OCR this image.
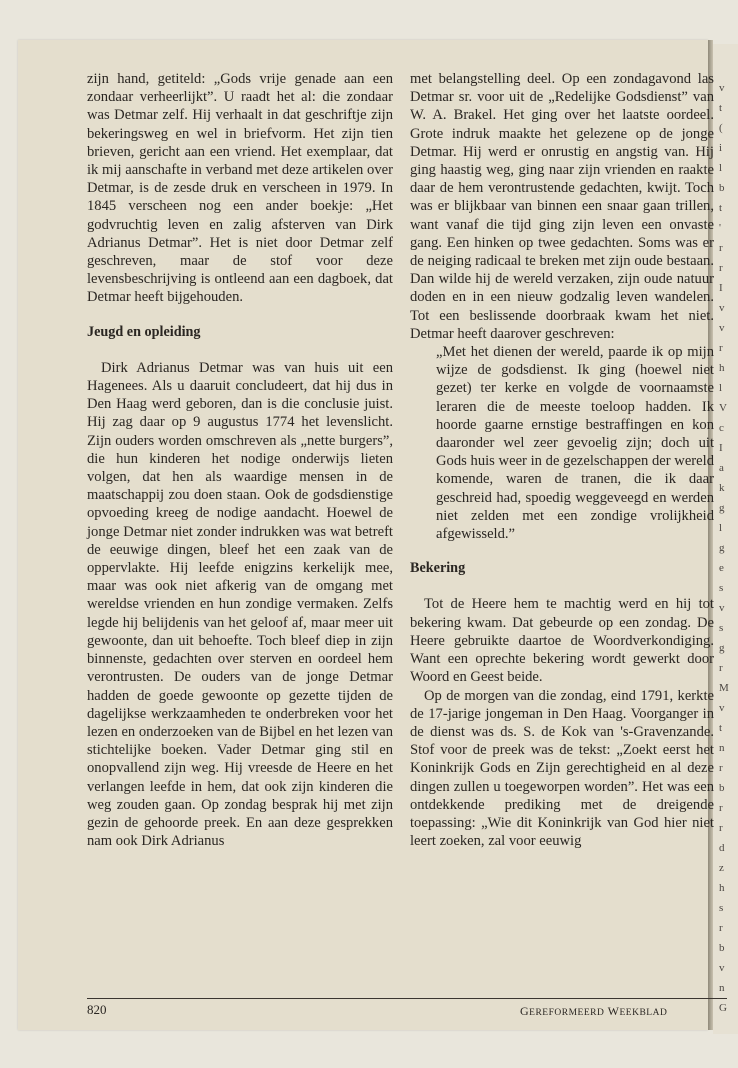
v
t
(
i
l
b
t
'
r
r
I
v
v
r
h
l
V
c
I
a
k
g
l
g
e
s
v
s
g
r
M
v
t
n
r
b
r
r
d
z
h
s
r
b
v
n
G

zijn hand, getiteld: „Gods vrije genade aan een zondaar verheerlijkt”. U raadt het al: die zondaar was Detmar zelf. Hij verhaalt in dat geschriftje zijn bekeringsweg en wel in briefvorm. Het zijn tien brieven, gericht aan een vriend. Het exemplaar, dat ik mij aanschafte in verband met deze artikelen over Detmar, is de zesde druk en verscheen in 1979. In 1845 verscheen nog een ander boekje: „Het godvruchtig leven en zalig afsterven van Dirk Adrianus Detmar”. Het is niet door Detmar zelf geschreven, maar de stof voor deze levensbeschrijving is ontleend aan een dagboek, dat Detmar heeft bijgehouden.

Jeugd en opleiding

Dirk Adrianus Detmar was van huis uit een Hagenees. Als u daaruit concludeert, dat hij dus in Den Haag werd geboren, dan is die conclusie juist. Hij zag daar op 9 augustus 1774 het levenslicht. Zijn ouders worden omschreven als „nette burgers”, die hun kinderen het nodige onderwijs lieten volgen, dat hen als waardige mensen in de maatschappij zou doen staan. Ook de godsdienstige opvoeding kreeg de nodige aandacht. Hoewel de jonge Detmar niet zonder indrukken was wat betreft de eeuwige dingen, bleef het een zaak van de oppervlakte. Hij leefde enigzins kerkelijk mee, maar was ook niet afkerig van de omgang met wereldse vrienden en hun zondige vermaken. Zelfs legde hij belijdenis van het geloof af, maar meer uit gewoonte, dan uit behoefte. Toch bleef diep in zijn binnenste, gedachten over sterven en oordeel hem verontrusten. De ouders van de jonge Detmar hadden de goede gewoonte op gezette tijden de dagelijkse werkzaamheden te onderbreken voor het lezen en onderzoeken van de Bijbel en het lezen van stichtelijke boeken. Vader Detmar ging stil en onopvallend zijn weg. Hij vreesde de Heere en het verlangen leefde in hem, dat ook zijn kinderen die weg zouden gaan. Op zondag besprak hij met zijn gezin de gehoorde preek. En aan deze gesprekken nam ook Dirk Adrianus

met belangstelling deel. Op een zondagavond las Detmar sr. voor uit de „Redelijke Godsdienst” van W. A. Brakel. Het ging over het laatste oordeel. Grote indruk maakte het gelezene op de jonge Detmar. Hij werd er onrustig en angstig van. Hij ging haastig weg, ging naar zijn vrienden en raakte daar de hem verontrustende gedachten, kwijt. Toch was er blijkbaar van binnen een snaar gaan trillen, want vanaf die tijd ging zijn leven een onvaste gang. Een hinken op twee gedachten. Soms was er de neiging radicaal te breken met zijn oude bestaan. Dan wilde hij de wereld verzaken, zijn oude natuur doden en in een nieuw godzalig leven wandelen. Tot een beslissende doorbraak kwam het niet. Detmar heeft daarover geschreven:

„Met het dienen der wereld, paarde ik op mijn wijze de godsdienst. Ik ging (hoewel niet gezet) ter kerke en volgde de voornaamste leraren die de meeste toeloop hadden. Ik hoorde gaarne ernstige bestraffingen en kon daaronder wel zeer gevoelig zijn; doch uit Gods huis weer in de gezelschappen der wereld komende, waren de tranen, die ik daar geschreid had, spoedig weggeveegd en werden niet zelden met een zondige vrolijkheid afgewisseld.”

Bekering

Tot de Heere hem te machtig werd en hij tot bekering kwam. Dat gebeurde op een zondag. De Heere gebruikte daartoe de Woordverkondiging. Want een oprechte bekering wordt gewerkt door Woord en Geest beide.

Op de morgen van die zondag, eind 1791, kerkte de 17-jarige jongeman in Den Haag. Voorganger in de dienst was ds. S. de Kok van 's-Gravenzande. Stof voor de preek was de tekst: „Zoekt eerst het Koninkrijk Gods en Zijn gerechtigheid en al deze dingen zullen u toegeworpen worden”. Het was een ontdekkende prediking met de dreigende toepassing: „Wie dit Koninkrijk van God hier niet leert zoeken, zal voor eeuwig

820	GEREFORMEERD WEEKBLAD
